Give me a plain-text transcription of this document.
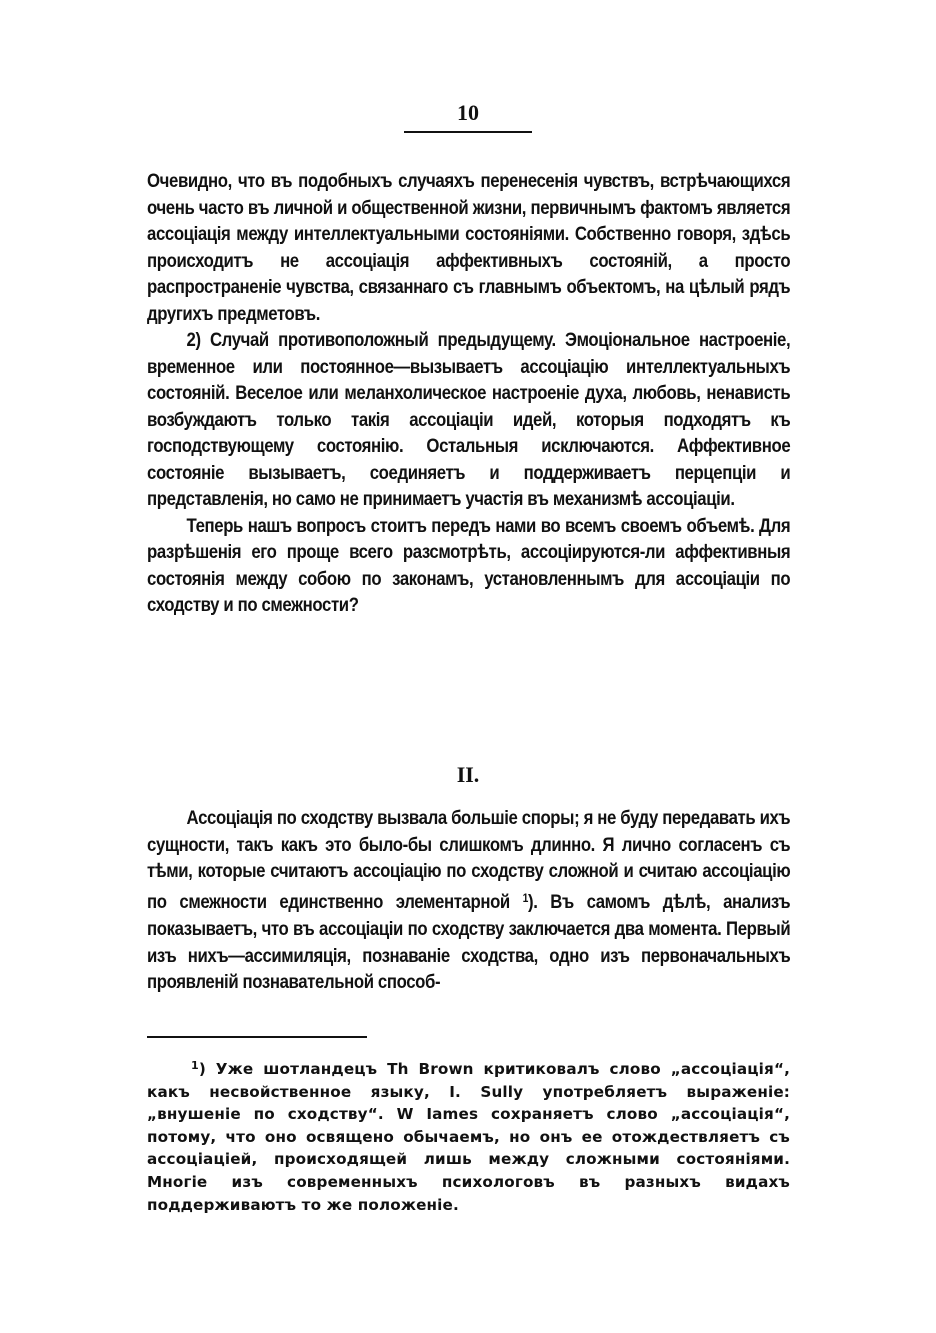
10

Очевидно, что въ подобныхъ случаяхъ перенесенія чувствъ, встрѣчающихся очень часто въ личной и общественной жизни, первичнымъ фактомъ является ассоціація между интеллектуальными состояніями. Собственно говоря, здѣсь происходитъ не ассоціація аффективныхъ состояній, а просто распространеніе чувства, связаннаго съ главнымъ объектомъ, на цѣлый рядъ другихъ предметовъ.

2) Случай противоположный предыдущему. Эмоціональное настроеніе, временное или постоянное—вызываетъ ассоціацію интеллектуальныхъ состояній. Веселое или меланхолическое настроеніе духа, любовь, ненависть возбуждаютъ только такія ассоціаціи идей, которыя подходятъ къ господствующему состоянію. Остальныя исключаются. Аффективное состояніе вызываетъ, соединяетъ и поддерживаетъ перцепціи и представленія, но само не принимаетъ участія въ механизмѣ ассоціаціи.

Теперь нашъ вопросъ стоитъ передъ нами во всемъ своемъ объемѣ. Для разрѣшенія его проще всего разсмотрѣть, ассоціируются-ли аффективныя состоянія между собою по законамъ, установленнымъ для ассоціаціи по сходству и по смежности?

II.

Ассоціація по сходству вызвала большіе споры; я не буду передавать ихъ сущности, такъ какъ это было-бы слишкомъ длинно. Я лично согласенъ съ тѣми, которые считаютъ ассоціацію по сходству сложной и считаю ассоціацію по смежности единственно элементарной $^1$). Въ самомъ дѣлѣ, анализъ показываетъ, что въ ассоціаціи по сходству заключается два момента. Первый изъ нихъ—ассимиляція, познаваніе сходства, одно изъ первоначальныхъ проявленій познавательной способ-

$^1$) Уже шотландецъ Th Brown критиковалъ слово „ассоціація“, какъ несвойственное языку, I. Sully употребляетъ выраженіе: „внушеніе по сходству“. W Iames сохраняетъ слово „ассоціація“, потому, что оно освящено обычаемъ, но онъ ее отождествляетъ съ ассоціаціей, происходящей лишь между сложными состояніями. Многіе изъ современныхъ психологовъ въ разныхъ видахъ поддерживаютъ то же положеніе.
